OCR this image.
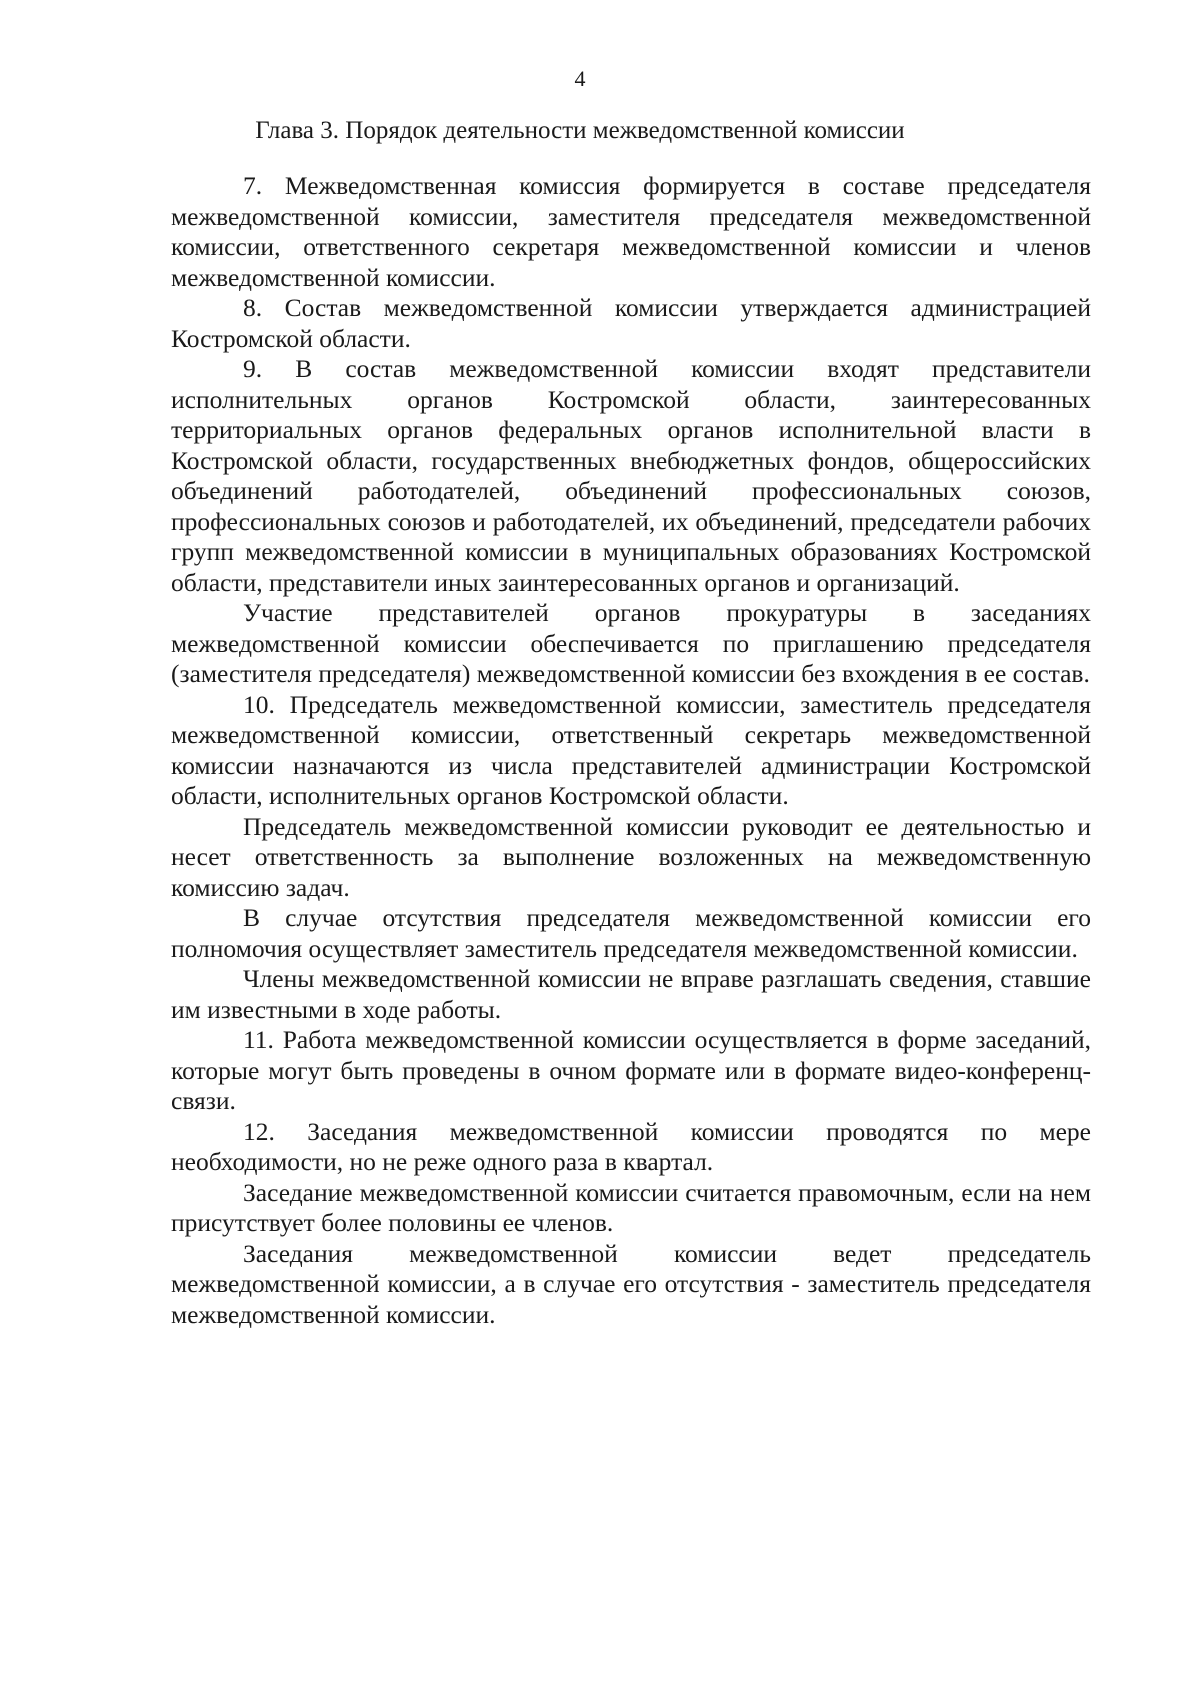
4
Глава 3. Порядок деятельности межведомственной комиссии

7. Межведомственная комиссия формируется в составе председателя межведомственной комиссии, заместителя председателя межведомственной комиссии, ответственного секретаря межведомственной комиссии и членов межведомственной комиссии.

8. Состав межведомственной комиссии утверждается администрацией Костромской области.

9. В состав межведомственной комиссии входят представители исполнительных органов Костромской области, заинтересованных территориальных органов федеральных органов исполнительной власти в Костромской области, государственных внебюджетных фондов, общероссийских объединений работодателей, объединений профессиональных союзов, профессиональных союзов и работодателей, их объединений, председатели рабочих групп межведомственной комиссии в муниципальных образованиях Костромской области, представители иных заинтересованных органов и организаций.

Участие представителей органов прокуратуры в заседаниях межведомственной комиссии обеспечивается по приглашению председателя (заместителя председателя) межведомственной комиссии без вхождения в ее состав.

10. Председатель межведомственной комиссии, заместитель председателя межведомственной комиссии, ответственный секретарь межведомственной комиссии назначаются из числа представителей администрации Костромской области, исполнительных органов Костромской области.

Председатель межведомственной комиссии руководит ее деятельностью и несет ответственность за выполнение возложенных на межведомственную комиссию задач.

В случае отсутствия председателя межведомственной комиссии его полномочия осуществляет заместитель председателя межведомственной комиссии.

Члены межведомственной комиссии не вправе разглашать сведения, ставшие им известными в ходе работы.

11. Работа межведомственной комиссии осуществляется в форме заседаний, которые могут быть проведены в очном формате или в формате видео-конференц-связи.

12. Заседания межведомственной комиссии проводятся по мере необходимости, но не реже одного раза в квартал.

Заседание межведомственной комиссии считается правомочным, если на нем присутствует более половины ее членов.

Заседания межведомственной комиссии ведет председатель межведомственной комиссии, а в случае его отсутствия - заместитель председателя межведомственной комиссии.
